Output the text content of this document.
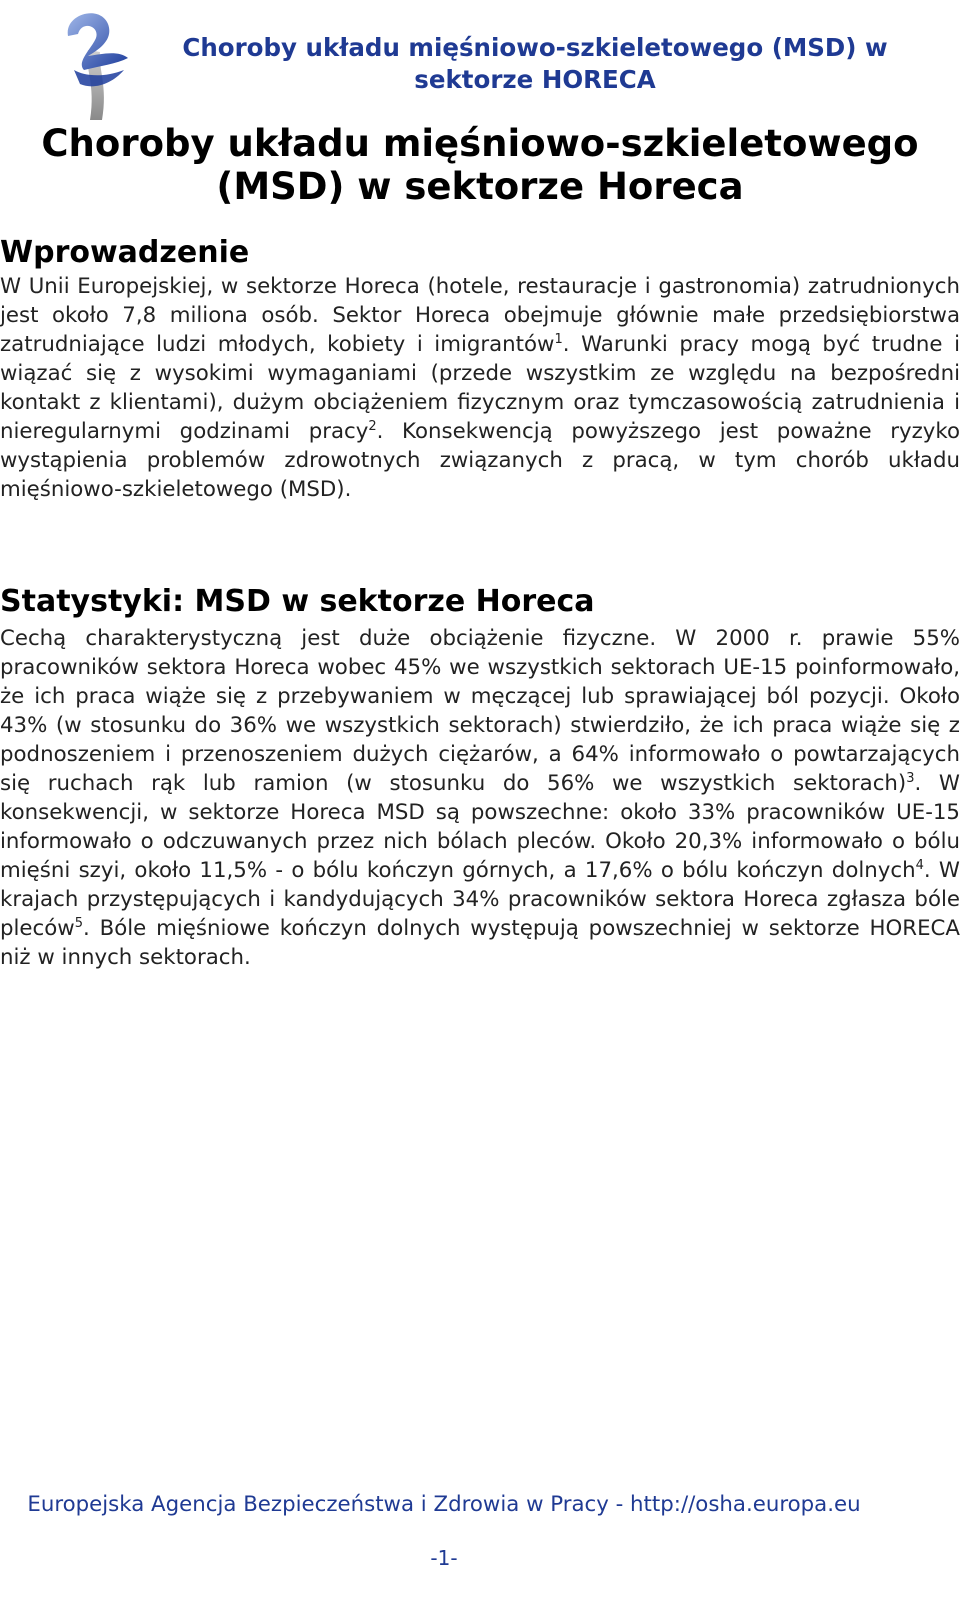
Choroby układu mięśniowo-szkieletowego (MSD) w sektorze HORECA
Choroby układu mięśniowo-szkieletowego (MSD) w sektorze Horeca
Wprowadzenie

W Unii Europejskiej, w sektorze Horeca (hotele, restauracje i gastronomia) zatrudnionych jest około 7,8 miliona osób. Sektor Horeca obejmuje głównie małe przedsiębiorstwa zatrudniające ludzi młodych, kobiety i imigrantów$^1$. Warunki pracy mogą być trudne i wiązać się z wysokimi wymaganiami (przede wszystkim ze względu na bezpośredni kontakt z klientami), dużym obciążeniem fizycznym oraz tymczasowością zatrudnienia i nieregularnymi godzinami pracy$^2$. Konsekwencją powyższego jest poważne ryzyko wystąpienia problemów zdrowotnych związanych z pracą, w tym chorób układu mięśniowo-szkieletowego (MSD).

Statystyki: MSD w sektorze Horeca

Cechą charakterystyczną jest duże obciążenie fizyczne. W 2000 r. prawie 55% pracowników sektora Horeca wobec 45% we wszystkich sektorach UE-15 poinformowało, że ich praca wiąże się z przebywaniem w męczącej lub sprawiającej ból pozycji. Około 43% (w stosunku do 36% we wszystkich sektorach) stwierdziło, że ich praca wiąże się z podnoszeniem i przenoszeniem dużych ciężarów, a 64% informowało o powtarzających się ruchach rąk lub ramion (w stosunku do 56% we wszystkich sektorach)$^3$. W konsekwencji, w sektorze Horeca MSD są powszechne: około 33% pracowników UE-15 informowało o odczuwanych przez nich bólach pleców. Około 20,3% informowało o bólu mięśni szyi, około 11,5% - o bólu kończyn górnych, a 17,6% o bólu kończyn dolnych$^4$. W krajach przystępujących i kandydujących 34% pracowników sektora Horeca zgłasza bóle pleców$^5$. Bóle mięśniowe kończyn dolnych występują powszechniej w sektorze HORECA niż w innych sektorach.

Europejska Agencja Bezpieczeństwa i Zdrowia w Pracy - http://osha.europa.eu

-1-
